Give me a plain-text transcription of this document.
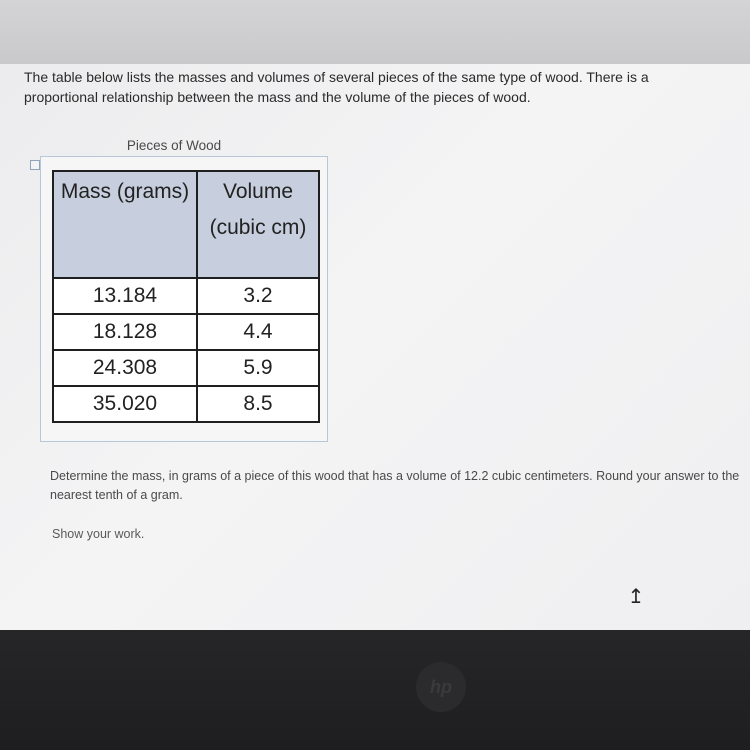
hp
The table below lists the masses and volumes of several pieces of the same type of wood. There is a proportional relationship between the mass and the volume of the pieces of wood.
Pieces of Wood
Mass (grams)	Volume (cubic cm)
13.184	3.2
18.128	4.4
24.308	5.9
35.020	8.5
Determine the mass, in grams of a piece of this wood that has a volume of 12.2 cubic centimeters. Round your answer to the nearest tenth of a gram.
Show your work.
↥
